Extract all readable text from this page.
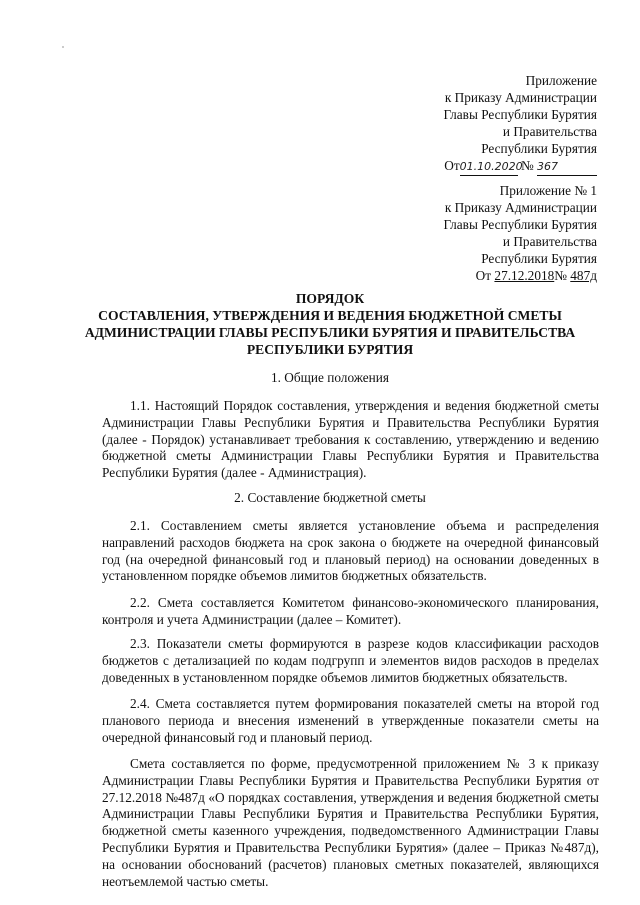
Приложение
к Приказу Администрации
Главы Республики Бурятия
и Правительства
Республики Бурятия
От01.10.2020 № 367
Приложение № 1
к Приказу Администрации
Главы Республики Бурятия
и Правительства
Республики Бурятия
От 27.12.2018№ 487д
ПОРЯДОК
СОСТАВЛЕНИЯ, УТВЕРЖДЕНИЯ И ВЕДЕНИЯ БЮДЖЕТНОЙ СМЕТЫ
АДМИНИСТРАЦИИ ГЛАВЫ РЕСПУБЛИКИ БУРЯТИЯ И ПРАВИТЕЛЬСТВА
РЕСПУБЛИКИ БУРЯТИЯ
1. Общие положения
1.1. Настоящий Порядок составления, утверждения и ведения бюджетной сметы Администрации Главы Республики Бурятия и Правительства Республики Бурятия (далее - Порядок) устанавливает требования к составлению, утверждению и ведению бюджетной сметы Администрации Главы Республики Бурятия и Правительства Республики Бурятия (далее - Администрация).
2. Составление бюджетной сметы
2.1. Составлением сметы является установление объема и распределения направлений расходов бюджета на срок закона о бюджете на очередной финансовый год (на очередной финансовый год и плановый период) на основании доведенных в установленном порядке объемов лимитов бюджетных обязательств.
2.2. Смета составляется Комитетом финансово-экономического планирования, контроля и учета Администрации (далее – Комитет).
2.3. Показатели сметы формируются в разрезе кодов классификации расходов бюджетов с детализацией по кодам подгрупп и элементов видов расходов в пределах доведенных в установленном порядке объемов лимитов бюджетных обязательств.
2.4. Смета составляется путем формирования показателей сметы на второй год планового периода и внесения изменений в утвержденные показатели сметы на очередной финансовый год и плановый период.
Смета составляется по форме, предусмотренной приложением № 3 к приказу Администрации Главы Республики Бурятия и Правительства Республики Бурятия от 27.12.2018 №487д «О порядках составления, утверждения и ведения бюджетной сметы Администрации Главы Республики Бурятия и Правительства Республики Бурятия, бюджетной сметы казенного учреждения, подведомственного Администрации Главы Республики Бурятия и Правительства Республики Бурятия» (далее – Приказ №487д), на основании обоснований (расчетов) плановых сметных показателей, являющихся неотъемлемой частью сметы.
